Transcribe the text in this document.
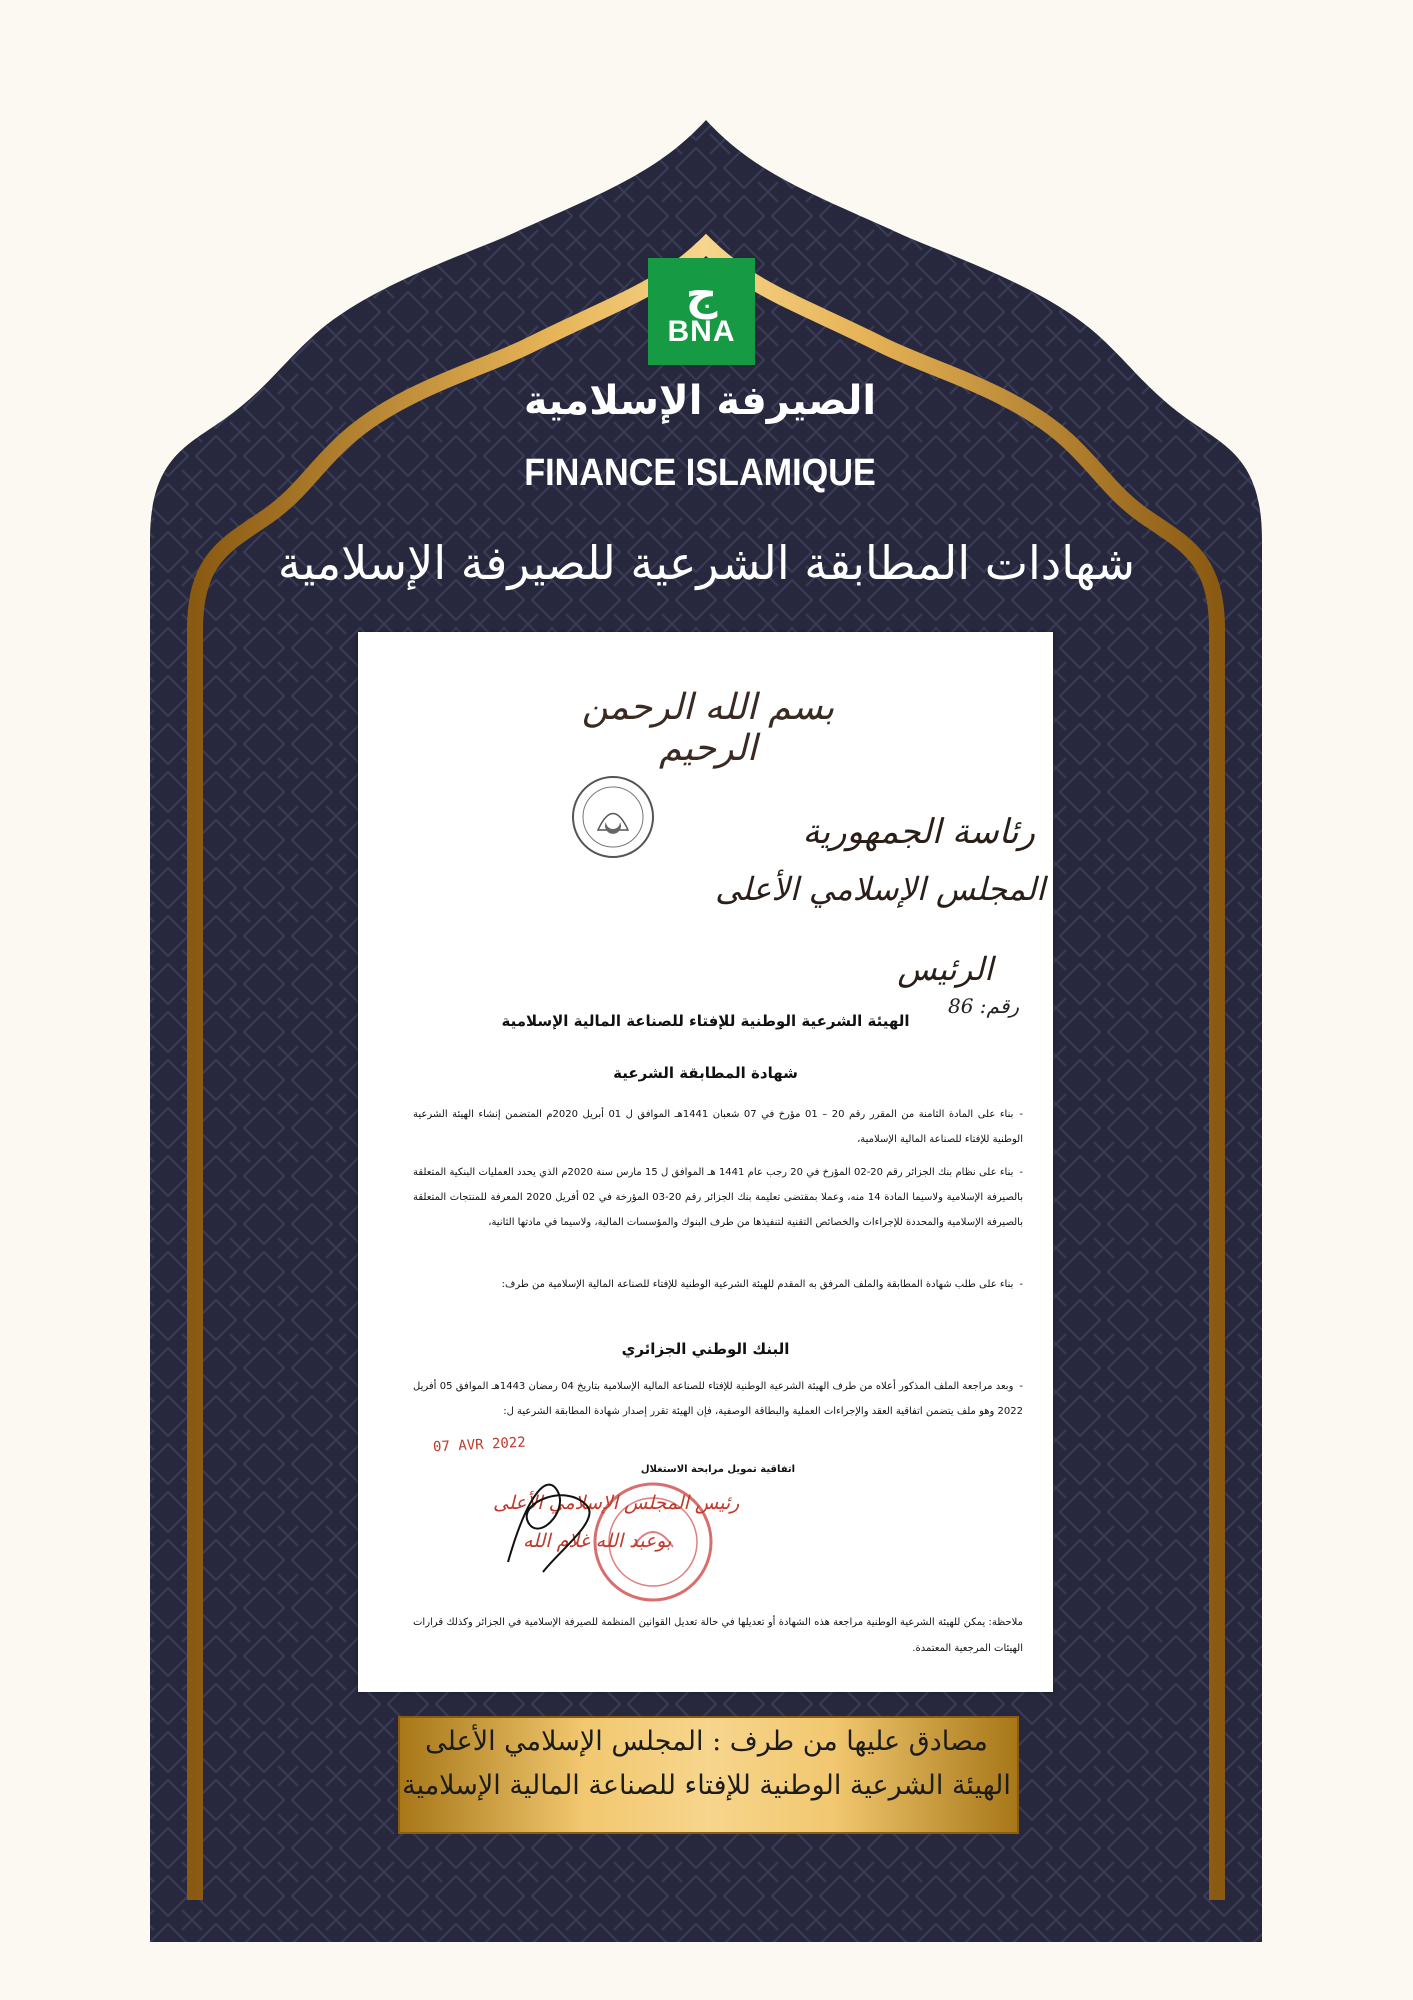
ج
BNA
الصيرفة الإسلامية
FINANCE ISLAMIQUE
شهادات المطابقة الشرعية للصيرفة الإسلامية
بسم الله الرحمن الرحيم
رئاسة الجمهورية
المجلس الإسلامي الأعلى
الرئيس
رقم: 86
الهيئة الشرعية الوطنية للإفتاء للصناعة المالية الإسلامية
شهادة المطابقة الشرعية
-بناء على المادة الثامنة من المقرر رقم 20 – 01 مؤرخ في 07 شعبان 1441هـ الموافق ل 01 أبريل 2020م المتضمن إنشاء الهيئة الشرعية الوطنية للإفتاء للصناعة المالية الإسلامية،
-بناء على نظام بنك الجزائر رقم 20-02 المؤرخ في 20 رجب عام 1441 هـ الموافق ل 15 مارس سنة 2020م الذي يحدد العمليات البنكية المتعلقة بالصيرفة الإسلامية ولاسيما المادة 14 منه، وعملا بمقتضى تعليمة بنك الجزائر رقم 20-03 المؤرخة في 02 أفريل 2020 المعرفة للمنتجات المتعلقة بالصيرفة الإسلامية والمحددة للإجراءات والخصائص التقنية لتنفيذها من طرف البنوك والمؤسسات المالية، ولاسيما في مادتها الثانية،
-بناء على طلب شهادة المطابقة والملف المرفق به المقدم للهيئة الشرعية الوطنية للإفتاء للصناعة المالية الإسلامية من طرف:
البنك الوطني الجزائري
-وبعد مراجعة الملف المذكور أعلاه من طرف الهيئة الشرعية الوطنية للإفتاء للصناعة المالية الإسلامية بتاريخ 04 رمضان 1443هـ الموافق 05 أفريل 2022 وهو ملف يتضمن اتفاقية العقد والإجراءات العملية والبطاقة الوصفية، فإن الهيئة تقرر إصدار شهادة المطابقة الشرعية ل:
07 AVR 2022
اتفاقية تمويل مرابحة الاستغلال
رئيس المجلس الإسلامي الأعلى
بوعبد الله غلام الله
ملاحظة: يمكن للهيئة الشرعية الوطنية مراجعة هذه الشهادة أو تعديلها في حالة تعديل القوانين المنظمة للصيرفة الإسلامية في الجزائر وكذلك قرارات الهيئات المرجعية المعتمدة.
مصادق عليها من طرف : المجلس الإسلامي الأعلى
الهيئة الشرعية الوطنية للإفتاء للصناعة المالية الإسلامية
